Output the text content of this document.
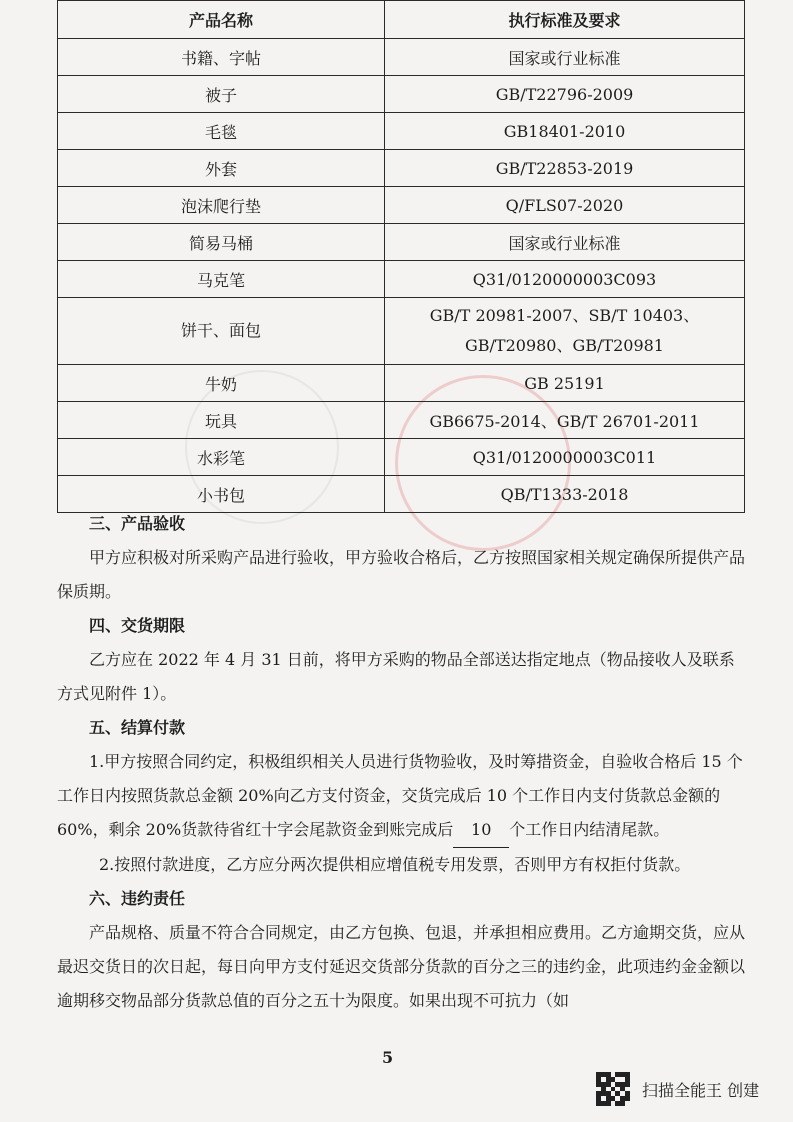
产品名称	执行标准及要求
书籍、字帖	国家或行业标准
被子	GB/T22796-2009
毛毯	GB18401-2010
外套	GB/T22853-2019
泡沫爬行垫	Q/FLS07-2020
简易马桶	国家或行业标准
马克笔	Q31/0120000003C093
饼干、面包	GB/T 20981-2007、SB/T 10403、GB/T20980、GB/T20981
牛奶	GB 25191
玩具	GB6675-2014、GB/T 26701-2011
水彩笔	Q31/0120000003C011
小书包	QB/T1333-2018
三、产品验收
甲方应积极对所采购产品进行验收，甲方验收合格后，乙方按照国家相关规定确保所提供产品保质期。
四、交货期限
乙方应在 2022 年 4 月 31 日前，将甲方采购的物品全部送达指定地点（物品接收人及联系方式见附件 1）。
五、结算付款
1.甲方按照合同约定，积极组织相关人员进行货物验收，及时筹措资金，自验收合格后 15 个工作日内按照货款总金额 20%向乙方支付资金，交货完成后 10 个工作日内支付货款总金额的 60%，剩余 20%货款待省红十字会尾款资金到账完成后 10 个工作日内结清尾款。
2.按照付款进度，乙方应分两次提供相应增值税专用发票，否则甲方有权拒付货款。
六、违约责任
产品规格、质量不符合合同规定，由乙方包换、包退，并承担相应费用。乙方逾期交货，应从最迟交货日的次日起，每日向甲方支付延迟交货部分货款的百分之三的违约金，此项违约金金额以逾期移交物品部分货款总值的百分之五十为限度。如果出现不可抗力（如
5
扫描全能王 创建
